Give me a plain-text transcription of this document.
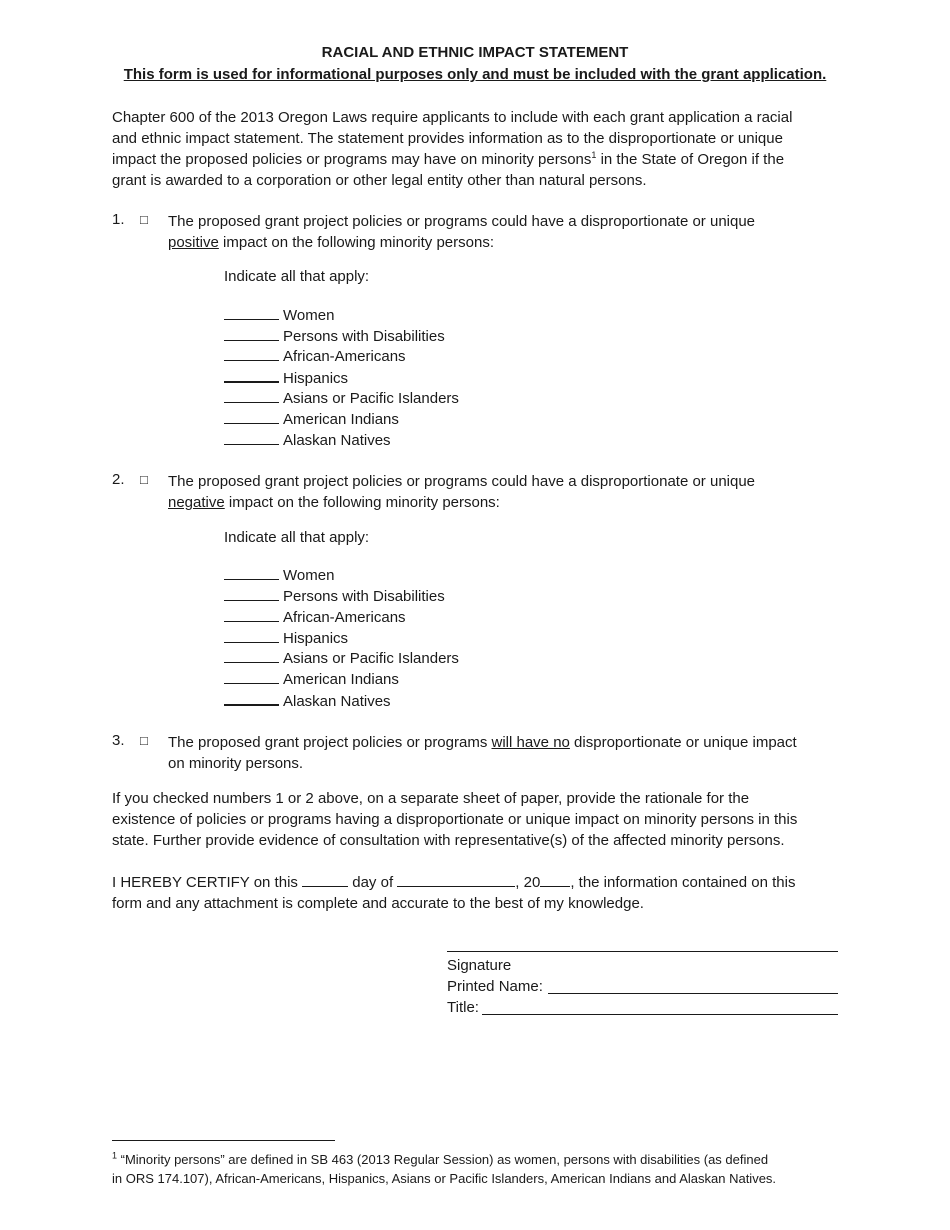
RACIAL AND ETHNIC IMPACT STATEMENT
This form is used for informational purposes only and must be included with the grant application.

Chapter 600 of the 2013 Oregon Laws require applicants to include with each grant application a racial

and ethnic impact statement. The statement provides information as to the disproportionate or unique

impact the proposed policies or programs may have on minority persons$^1$ in the State of Oregon if the

grant is awarded to a corporation or other legal entity other than natural persons.

1. □ The proposed grant project policies or programs could have a disproportionate or unique
positive impact on the following minority persons:
Indicate all that apply:
Women
Persons with Disabilities
African-Americans
Hispanics
Asians or Pacific Islanders
American Indians
Alaskan Natives
2. □ The proposed grant project policies or programs could have a disproportionate or unique
negative impact on the following minority persons:
Indicate all that apply:
Women
Persons with Disabilities
African-Americans
Hispanics
Asians or Pacific Islanders
American Indians
Alaskan Natives
3. □ The proposed grant project policies or programs will have no disproportionate or unique impact
on minority persons.

If you checked numbers 1 or 2 above, on a separate sheet of paper, provide the rationale for the

existence of policies or programs having a disproportionate or unique impact on minority persons in this

state. Further provide evidence of consultation with representative(s) of the affected minority persons.

I HEREBY CERTIFY on this	day of	, 20 , the information contained on this
form and any attachment is complete and accurate to the best of my knowledge.
Signature
Printed Name:
Title:
$^1$ “Minority persons” are defined in SB 463 (2013 Regular Session) as women, persons with disabilities (as defined
in ORS 174.107), African-Americans, Hispanics, Asians or Pacific Islanders, American Indians and Alaskan Natives.
